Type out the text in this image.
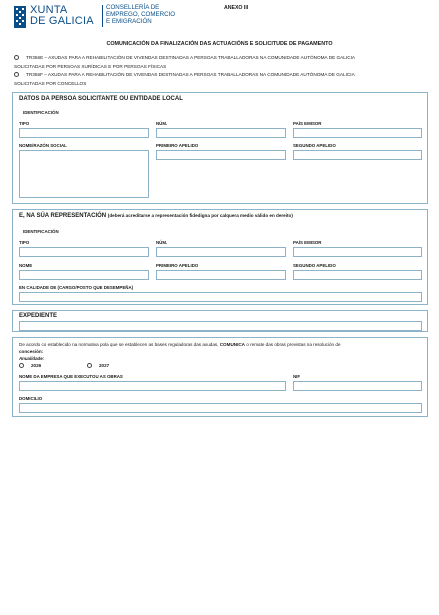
XUNTA
DE GALICIA
CONSELLERÍA DE
EMPREGO, COMERCIO
E EMIGRACIÓN
ANEXO III
COMUNICACIÓN DA FINALIZACIÓN DAS ACTUACIÓNS E SOLICITUDE DE PAGAMENTO
TR356E – AXUDAS PARA A REHABILITACIÓN DE VIVENDAS DESTINADAS A PERSOAS TRABALLADORAS NA COMUNIDADE AUTÓNOMA DE GALICIA
SOLICITADAS POR PERSOAS XURÍDICAS E POR PERSOAS FÍSICAS
TR356F – AXUDAS PARA A REHABILITACIÓN DE VIVENDAS DESTINADAS A PERSOAS TRABALLADORAS NA COMUNIDADE AUTÓNOMA DE GALICIA
SOLICITADAS POR CONCELLOS
DATOS DA PERSOA SOLICITANTE OU ENTIDADE LOCAL
IDENTIFICACIÓN
TIPO	NÚM.	PAÍS EMISOR
NOME/RAZÓN SOCIAL	PRIMEIRO APELIDO	SEGUNDO APELIDO
E, NA SÚA REPRESENTACIÓN (deberá acreditarse a representación fidedigna por calquera medio válido en dereito)
IDENTIFICACIÓN
TIPO	NÚM.	PAÍS EMISOR
NOME	PRIMEIRO APELIDO	SEGUNDO APELIDO
EN CALIDADE DE (CARGO/POSTO QUE DESEMPEÑA)
EXPEDIENTE
De acordo co establecido na normativa pola que se establecen as bases reguladoras das axudas, COMUNICA o remate das obras previstas na resolución de
concesión:
Anualidade:
2026	2027
NOME DA EMPRESA QUE EXECUTOU AS OBRAS	NIF
DOMICILIO
